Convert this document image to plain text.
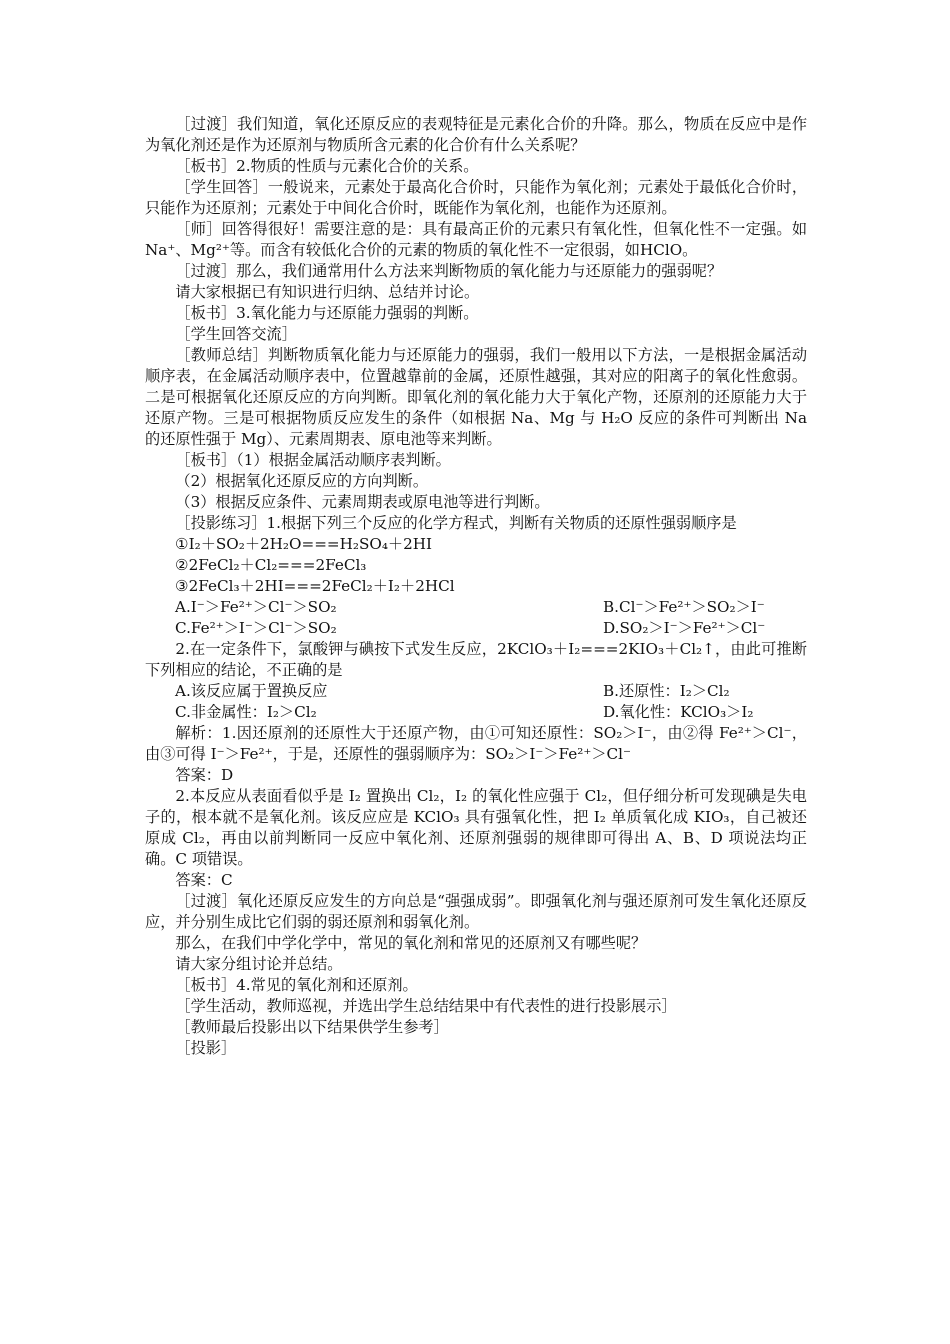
［过渡］我们知道，氧化还原反应的表观特征是元素化合价的升降。那么，物质在反应中是作为氧化剂还是作为还原剂与物质所含元素的化合价有什么关系呢？

［板书］2.物质的性质与元素化合价的关系。

［学生回答］一般说来，元素处于最高化合价时，只能作为氧化剂；元素处于最低化合价时，只能作为还原剂；元素处于中间化合价时，既能作为氧化剂，也能作为还原剂。

［师］回答得很好！需要注意的是：具有最高正价的元素只有氧化性，但氧化性不一定强。如 Na⁺、Mg²⁺等。而含有较低化合价的元素的物质的氧化性不一定很弱，如HClO。

［过渡］那么，我们通常用什么方法来判断物质的氧化能力与还原能力的强弱呢？

请大家根据已有知识进行归纳、总结并讨论。

［板书］3.氧化能力与还原能力强弱的判断。

［学生回答交流］

［教师总结］判断物质氧化能力与还原能力的强弱，我们一般用以下方法，一是根据金属活动顺序表，在金属活动顺序表中，位置越靠前的金属，还原性越强，其对应的阳离子的氧化性愈弱。二是可根据氧化还原反应的方向判断。即氧化剂的氧化能力大于氧化产物，还原剂的还原能力大于还原产物。三是可根据物质反应发生的条件（如根据 Na、Mg 与 H₂O 反应的条件可判断出 Na 的还原性强于 Mg）、元素周期表、原电池等来判断。

［板书］（1）根据金属活动顺序表判断。

（2）根据氧化还原反应的方向判断。

（3）根据反应条件、元素周期表或原电池等进行判断。

［投影练习］1.根据下列三个反应的化学方程式，判断有关物质的还原性强弱顺序是

①I₂＋SO₂＋2H₂O===H₂SO₄＋2HI

②2FeCl₂＋Cl₂===2FeCl₃

③2FeCl₃＋2HI===2FeCl₂＋I₂＋2HCl

A.I⁻＞Fe²⁺＞Cl⁻＞SO₂	B.Cl⁻＞Fe²⁺＞SO₂＞I⁻
C.Fe²⁺＞I⁻＞Cl⁻＞SO₂	D.SO₂＞I⁻＞Fe²⁺＞Cl⁻

2.在一定条件下，氯酸钾与碘按下式发生反应，2KClO₃＋I₂===2KIO₃＋Cl₂↑，由此可推断下列相应的结论，不正确的是

A.该反应属于置换反应	B.还原性：I₂＞Cl₂
C.非金属性：I₂＞Cl₂	D.氧化性：KClO₃＞I₂

解析：1.因还原剂的还原性大于还原产物，由①可知还原性：SO₂＞I⁻，由②得 Fe²⁺＞Cl⁻，由③可得 I⁻＞Fe²⁺，于是，还原性的强弱顺序为：SO₂＞I⁻＞Fe²⁺＞Cl⁻

答案：D

2.本反应从表面看似乎是 I₂ 置换出 Cl₂，I₂ 的氧化性应强于 Cl₂，但仔细分析可发现碘是失电子的，根本就不是氧化剂。该反应应是 KClO₃ 具有强氧化性，把 I₂ 单质氧化成 KIO₃，自己被还原成 Cl₂，再由以前判断同一反应中氧化剂、还原剂强弱的规律即可得出 A、B、D 项说法均正确。C 项错误。

答案：C

［过渡］氧化还原反应发生的方向总是“强强成弱”。即强氧化剂与强还原剂可发生氧化还原反应，并分别生成比它们弱的弱还原剂和弱氧化剂。

那么，在我们中学化学中，常见的氧化剂和常见的还原剂又有哪些呢？

请大家分组讨论并总结。

［板书］4.常见的氧化剂和还原剂。

［学生活动，教师巡视，并选出学生总结结果中有代表性的进行投影展示］

［教师最后投影出以下结果供学生参考］

［投影］
